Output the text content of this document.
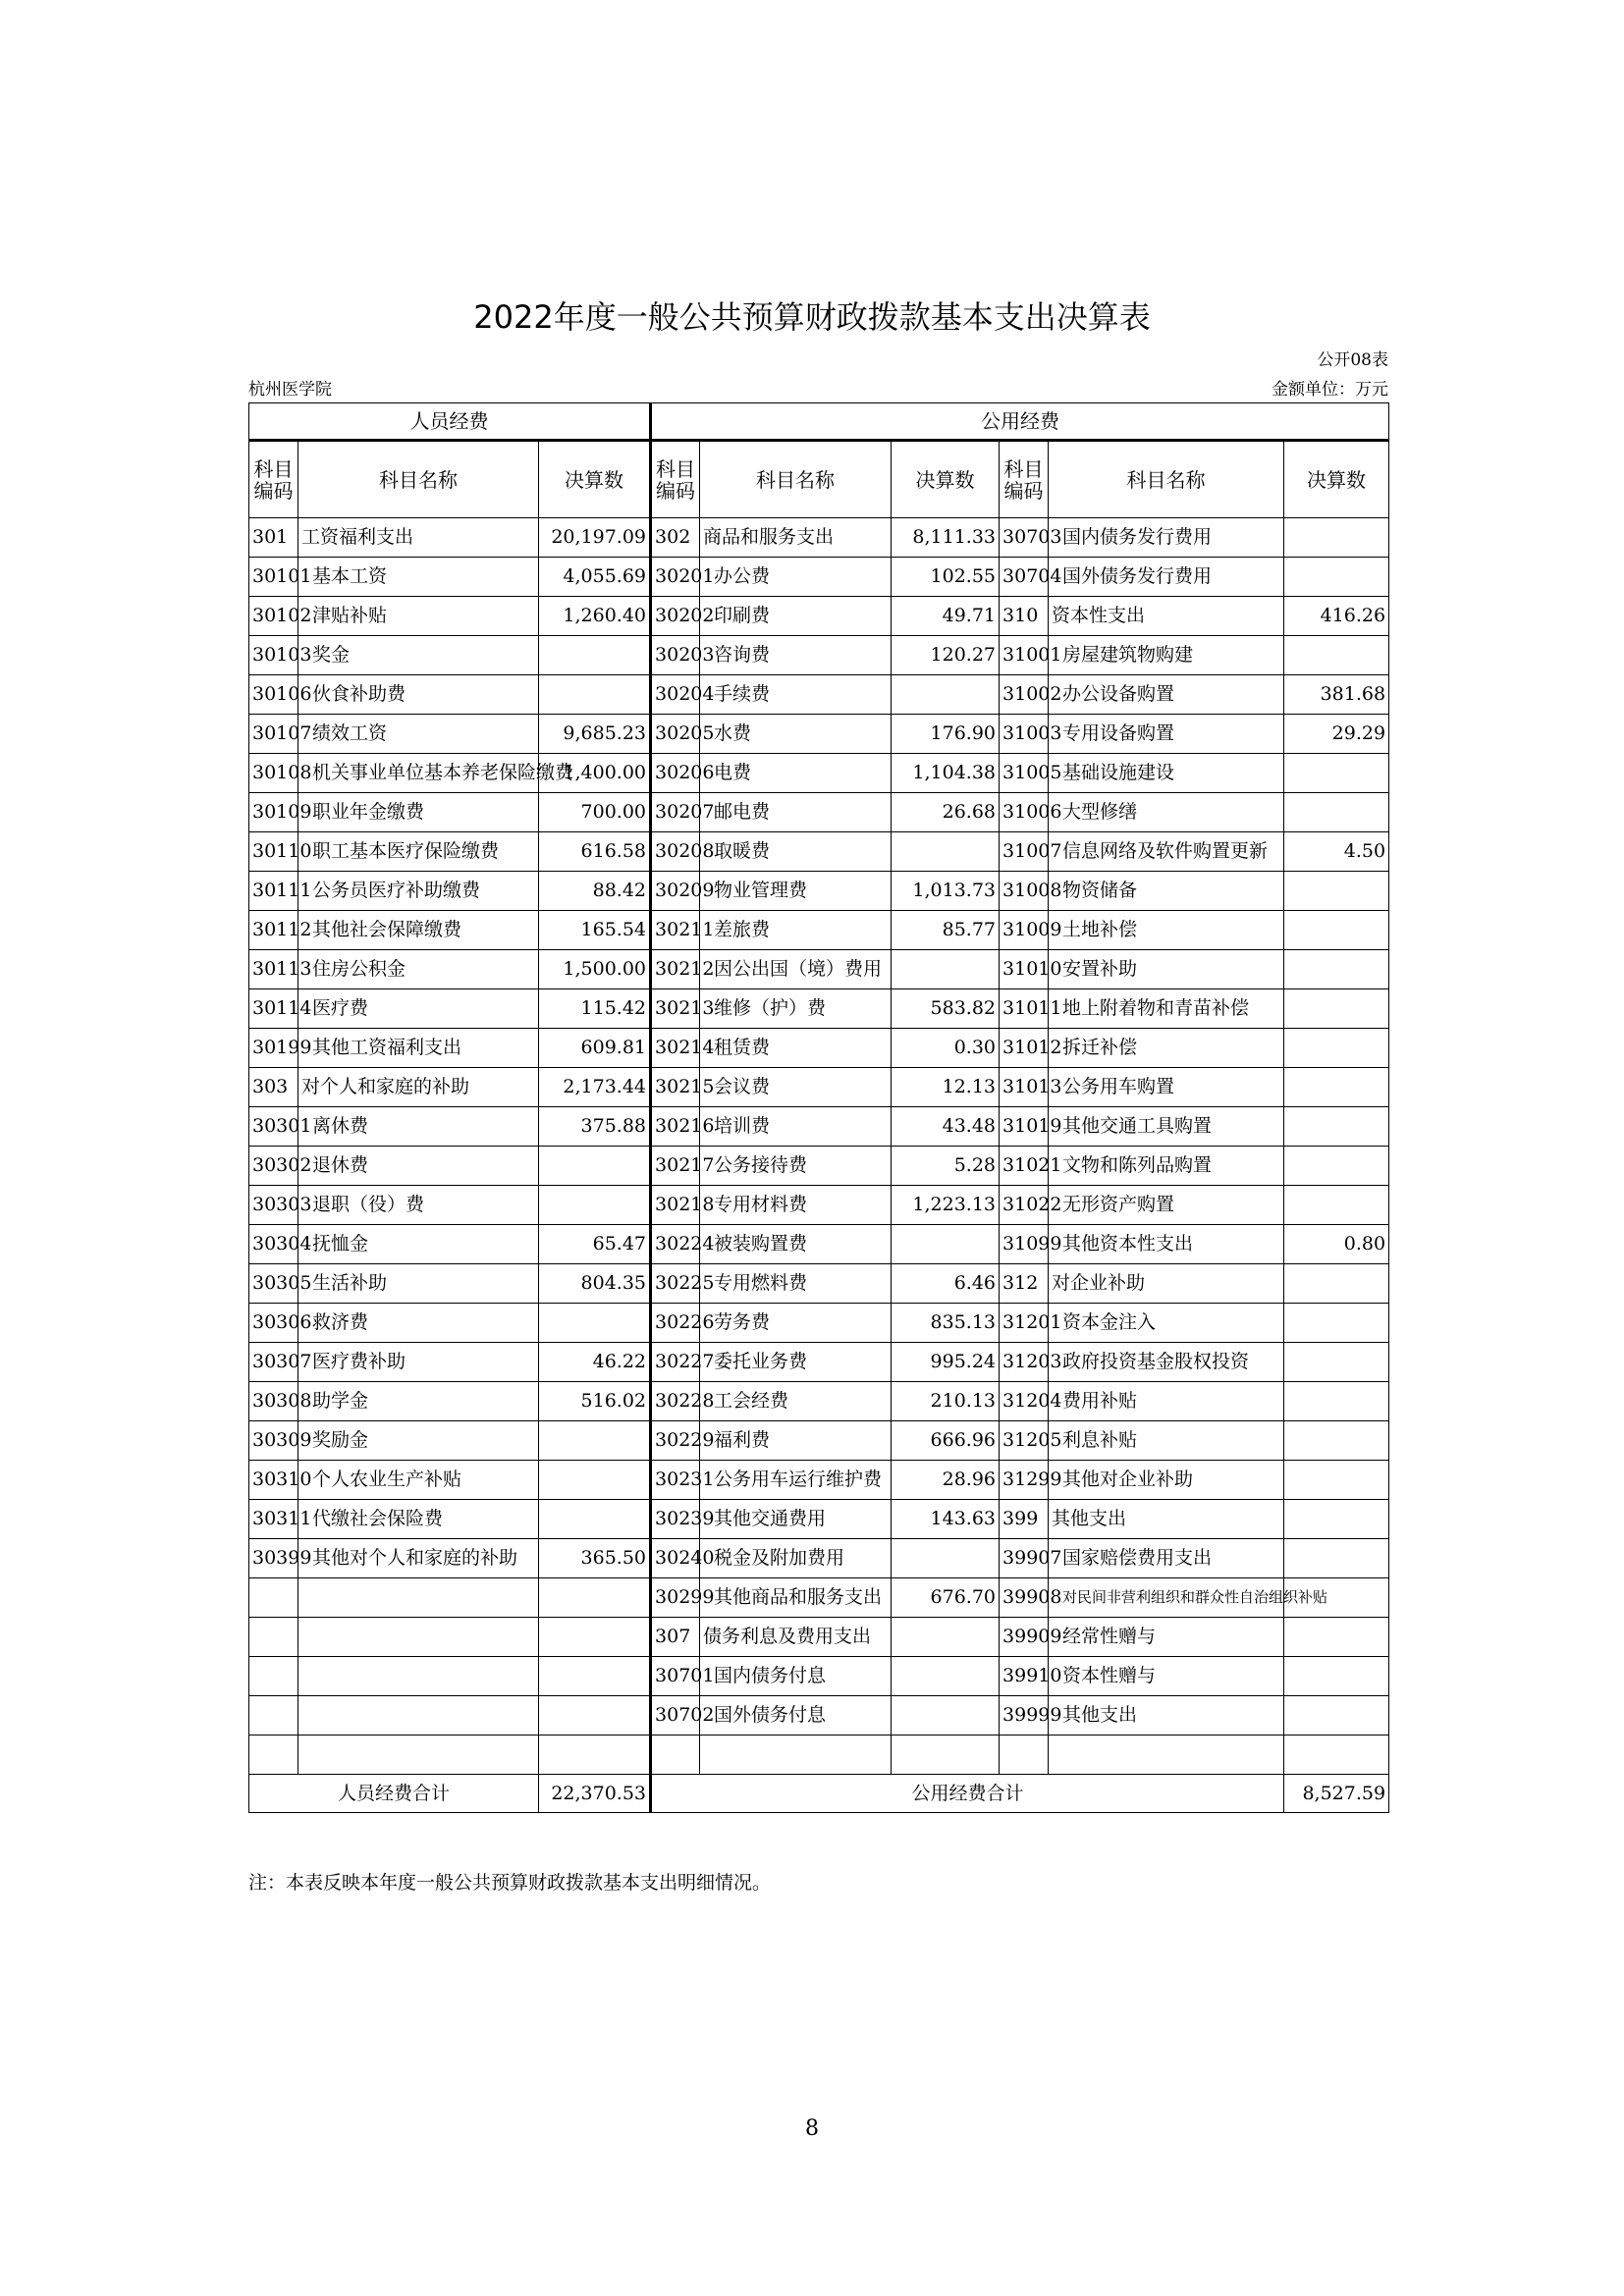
2022年度一般公共预算财政拨款基本支出决算表
公开08表
金额单位：万元
杭州医学院
人员经费			公用经费					
科目编码	科目名称	决算数	科目编码	科目名称	决算数	科目编码	科目名称	决算数
301	工资福利支出	20,197.09	302	商品和服务支出	8,111.33	30703	国内债务发行费用	
30101	基本工资	4,055.69	30201	办公费	102.55	30704	国外债务发行费用	
30102	津贴补贴	1,260.40	30202	印刷费	49.71	310	资本性支出	416.26
30103	奖金		30203	咨询费	120.27	31001	房屋建筑物购建	
30106	伙食补助费		30204	手续费		31002	办公设备购置	381.68
30107	绩效工资	9,685.23	30205	水费	176.90	31003	专用设备购置	29.29
30108	机关事业单位基本养老保险缴费	1,400.00	30206	电费	1,104.38	31005	基础设施建设	
30109	职业年金缴费	700.00	30207	邮电费	26.68	31006	大型修缮	
30110	职工基本医疗保险缴费	616.58	30208	取暖费		31007	信息网络及软件购置更新	4.50
30111	公务员医疗补助缴费	88.42	30209	物业管理费	1,013.73	31008	物资储备	
30112	其他社会保障缴费	165.54	30211	差旅费	85.77	31009	土地补偿	
30113	住房公积金	1,500.00	30212	因公出国（境）费用		31010	安置补助	
30114	医疗费	115.42	30213	维修（护）费	583.82	31011	地上附着物和青苗补偿	
30199	其他工资福利支出	609.81	30214	租赁费	0.30	31012	拆迁补偿	
303	对个人和家庭的补助	2,173.44	30215	会议费	12.13	31013	公务用车购置	
30301	离休费	375.88	30216	培训费	43.48	31019	其他交通工具购置	
30302	退休费		30217	公务接待费	5.28	31021	文物和陈列品购置	
30303	退职（役）费		30218	专用材料费	1,223.13	31022	无形资产购置	
30304	抚恤金	65.47	30224	被装购置费		31099	其他资本性支出	0.80
30305	生活补助	804.35	30225	专用燃料费	6.46	312	对企业补助	
30306	救济费		30226	劳务费	835.13	31201	资本金注入	
30307	医疗费补助	46.22	30227	委托业务费	995.24	31203	政府投资基金股权投资	
30308	助学金	516.02	30228	工会经费	210.13	31204	费用补贴	
30309	奖励金		30229	福利费	666.96	31205	利息补贴	
30310	个人农业生产补贴		30231	公务用车运行维护费	28.96	31299	其他对企业补助	
30311	代缴社会保险费		30239	其他交通费用	143.63	399	其他支出	
30399	其他对个人和家庭的补助	365.50	30240	税金及附加费用		39907	国家赔偿费用支出	
			30299	其他商品和服务支出	676.70	39908	对民间非营利组织和群众性自治组织补贴	
			307	债务利息及费用支出		39909	经常性赠与	
			30701	国内债务付息		39910	资本性赠与	
			30702	国外债务付息		39999	其他支出	

人员经费合计		22,370.53	公用经费合计					8,527.59
注：本表反映本年度一般公共预算财政拨款基本支出明细情况。
8
